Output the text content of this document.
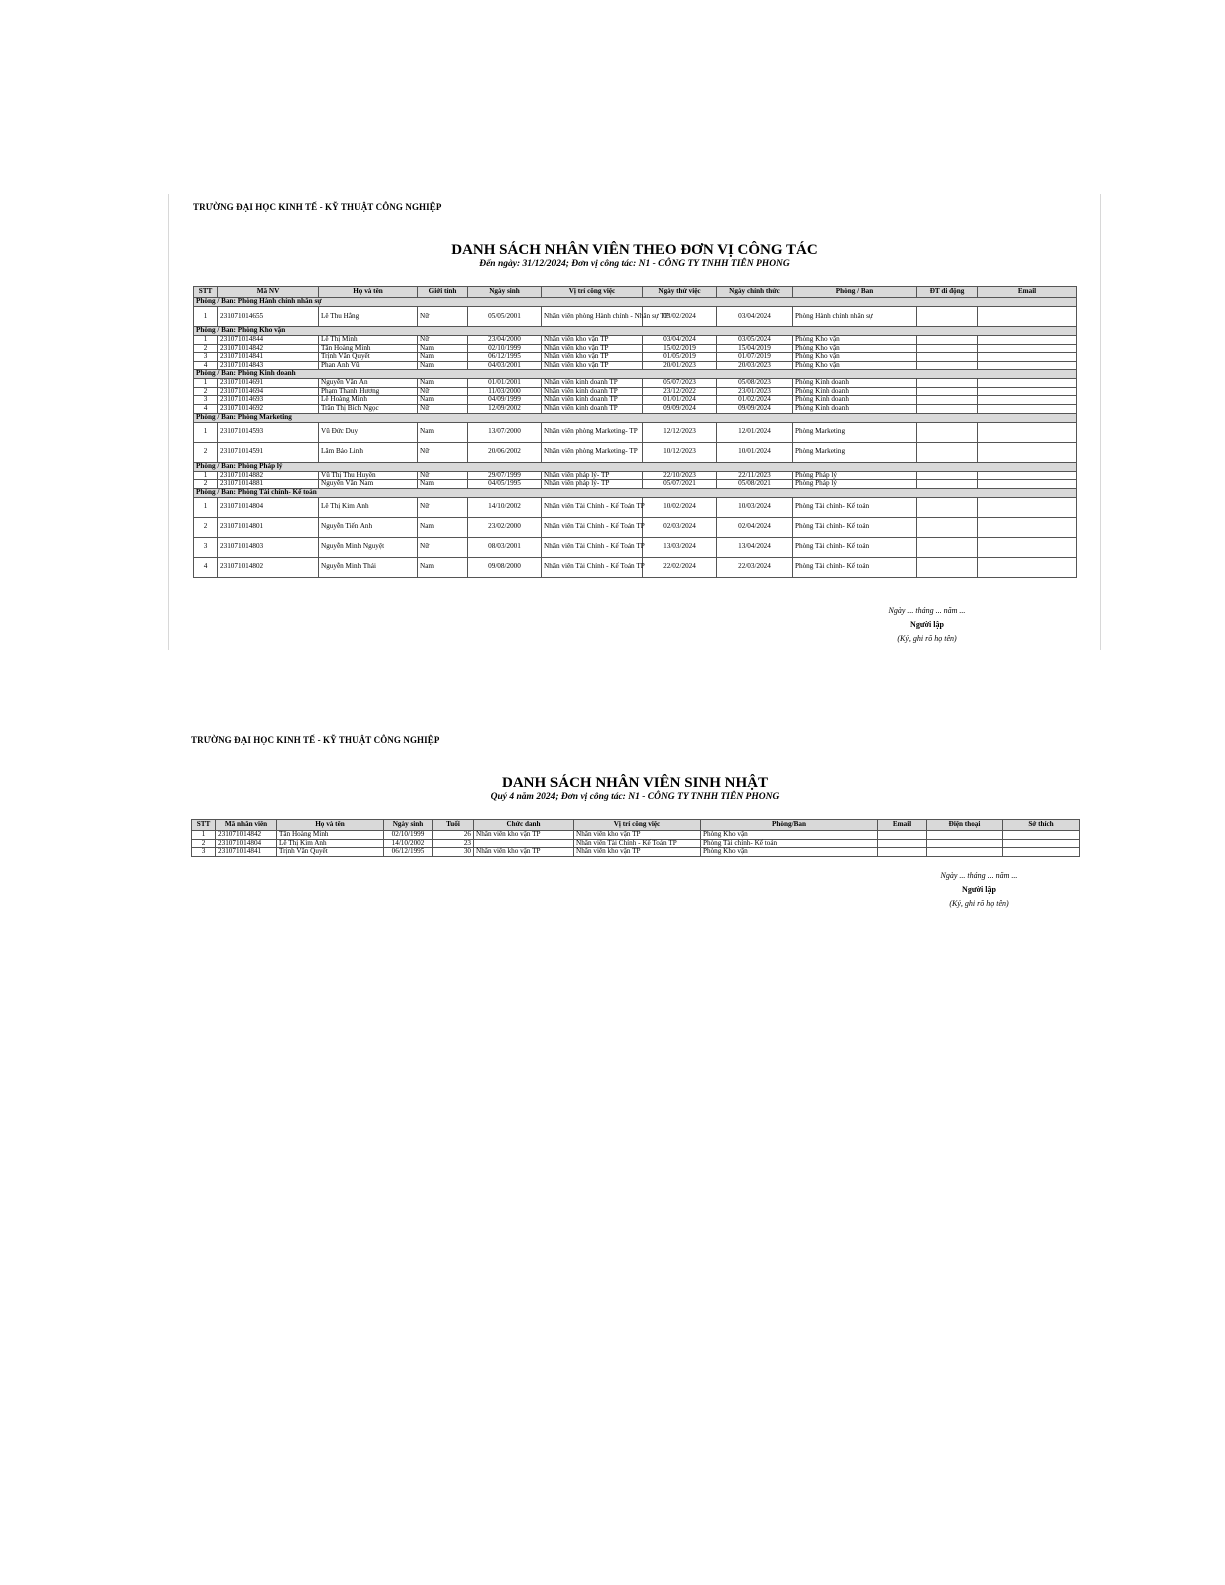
TRƯỜNG ĐẠI HỌC KINH TẾ - KỸ THUẬT CÔNG NGHIỆP
DANH SÁCH NHÂN VIÊN THEO ĐƠN VỊ CÔNG TÁC
Đến ngày: 31/12/2024; Đơn vị công tác: N1 - CÔNG TY TNHH TIÊN PHONG
STT	Mã NV	Họ và tên	Giới tính	Ngày sinh	Vị trí công việc	Ngày thử việc	Ngày chính thức	Phòng / Ban	ĐT di động	Email
Phòng / Ban: Phòng Hành chính nhân sự										
1	231071014655	Lê Thu Hằng	Nữ	05/05/2001	Nhân viên phòng Hành chính - Nhân sự TP	03/02/2024	03/04/2024	Phòng Hành chính nhân sự		
Phòng / Ban: Phòng Kho vận										
1	231071014844	Lê Thị Minh	Nữ	23/04/2000	Nhân viên kho vận TP	03/04/2024	03/05/2024	Phòng Kho vận		
2	231071014842	Tân Hoàng Minh	Nam	02/10/1999	Nhân viên kho vận TP	15/02/2019	15/04/2019	Phòng Kho vận		
3	231071014841	Trịnh Văn Quyết	Nam	06/12/1995	Nhân viên kho vận TP	01/05/2019	01/07/2019	Phòng Kho vận		
4	231071014843	Phan Anh Vũ	Nam	04/03/2001	Nhân viên kho vận TP	20/01/2023	20/03/2023	Phòng Kho vận		
Phòng / Ban: Phòng Kinh doanh										
1	231071014691	Nguyễn Văn An	Nam	01/01/2001	Nhân viên kinh doanh TP	05/07/2023	05/08/2023	Phòng Kinh doanh		
2	231071014694	Phạm Thanh Hương	Nữ	11/03/2000	Nhân viên kinh doanh TP	23/12/2022	23/01/2023	Phòng Kinh doanh		
3	231071014693	Lê Hoàng Minh	Nam	04/09/1999	Nhân viên kinh doanh TP	01/01/2024	01/02/2024	Phòng Kinh doanh		
4	231071014692	Trần Thị Bích Ngọc	Nữ	12/09/2002	Nhân viên kinh doanh TP	09/09/2024	09/09/2024	Phòng Kinh doanh		
Phòng / Ban: Phòng Marketing										
1	231071014593	Vũ Đức Duy	Nam	13/07/2000	Nhân viên phòng Marketing- TP	12/12/2023	12/01/2024	Phòng Marketing		
2	231071014591	Lâm Bảo Linh	Nữ	20/06/2002	Nhân viên phòng Marketing- TP	10/12/2023	10/01/2024	Phòng Marketing		
Phòng / Ban: Phòng Pháp lý										
1	231071014882	Vũ Thị Thu Huyền	Nữ	29/07/1999	Nhân viên pháp lý- TP	22/10/2023	22/11/2023	Phòng Pháp lý		
2	231071014881	Nguyễn Văn Nam	Nam	04/05/1995	Nhân viên pháp lý- TP	05/07/2021	05/08/2021	Phòng Pháp lý		
Phòng / Ban: Phòng Tài chính- Kế toán										
1	231071014804	Lê Thị Kim Anh	Nữ	14/10/2002	Nhân viên Tài Chính - Kế Toán TP	10/02/2024	10/03/2024	Phòng Tài chính- Kế toán		
2	231071014801	Nguyễn Tiến Anh	Nam	23/02/2000	Nhân viên Tài Chính - Kế Toán TP	02/03/2024	02/04/2024	Phòng Tài chính- Kế toán		
3	231071014803	Nguyễn Minh Nguyệt	Nữ	08/03/2001	Nhân viên Tài Chính - Kế Toán TP	13/03/2024	13/04/2024	Phòng Tài chính- Kế toán		
4	231071014802	Nguyễn Minh Thái	Nam	09/08/2000	Nhân viên Tài Chính - Kế Toán TP	22/02/2024	22/03/2024	Phòng Tài chính- Kế toán		
Ngày ... tháng ... năm ...
Người lập
(Ký, ghi rõ họ tên)
TRƯỜNG ĐẠI HỌC KINH TẾ - KỸ THUẬT CÔNG NGHIỆP
DANH SÁCH NHÂN VIÊN SINH NHẬT
Quý 4 năm 2024; Đơn vị công tác: N1 - CÔNG TY TNHH TIÊN PHONG
STT	Mã nhân viên	Họ và tên	Ngày sinh	Tuổi	Chức danh	Vị trí công việc	Phòng/Ban	Email	Điện thoại	Sở thích
1	231071014842	Tân Hoàng Minh	02/10/1999	26	Nhân viên kho vận TP	Nhân viên kho vận TP	Phòng Kho vận			
2	231071014804	Lê Thị Kim Anh	14/10/2002	23		Nhân viên Tài Chính - Kế Toán TP	Phòng Tài chính- Kế toán			
3	231071014841	Trịnh Văn Quyết	06/12/1995	30	Nhân viên kho vận TP	Nhân viên kho vận TP	Phòng Kho vận			
Ngày ... tháng ... năm ...
Người lập
(Ký, ghi rõ họ tên)
